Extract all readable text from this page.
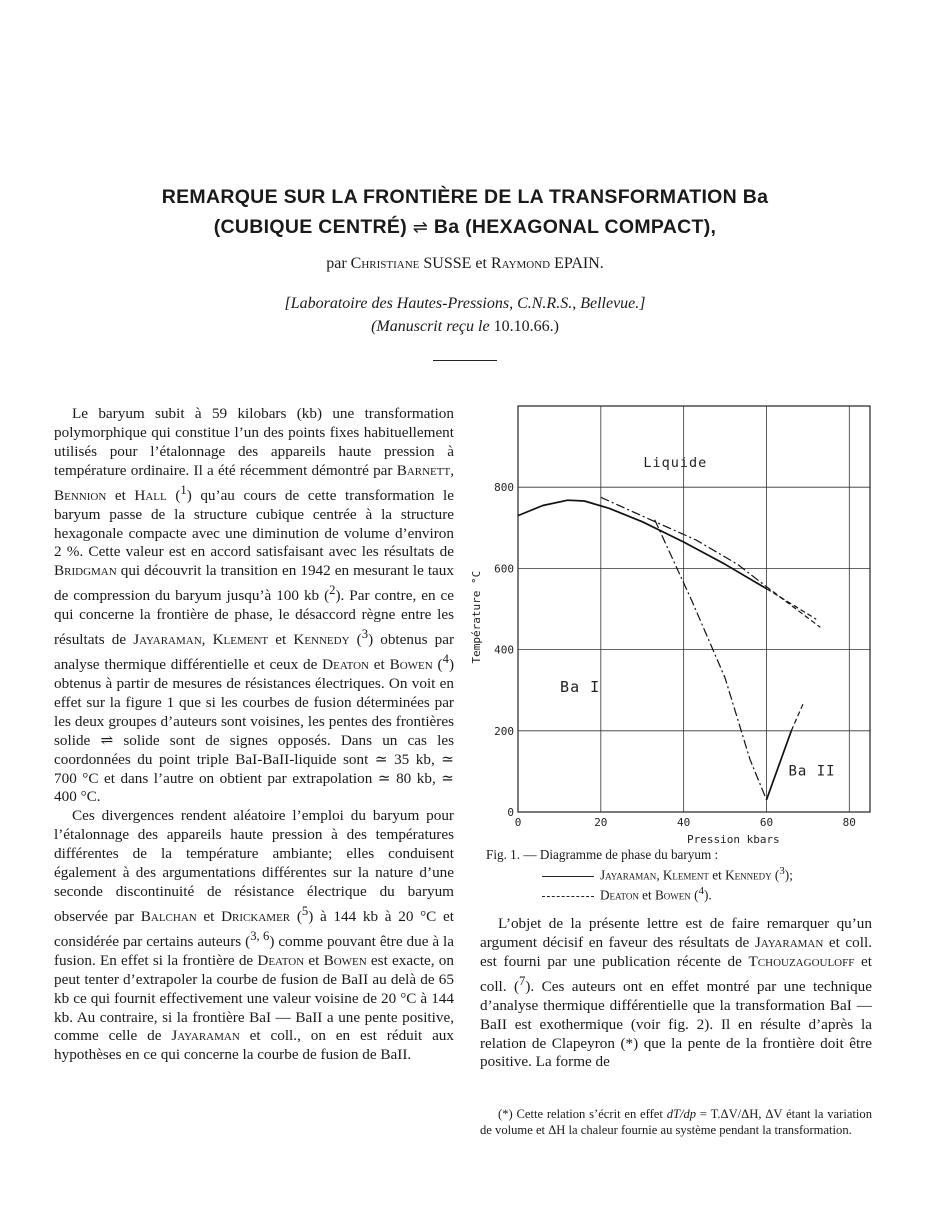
REMARQUE SUR LA FRONTIÈRE DE LA TRANSFORMATION Ba
(CUBIQUE CENTRÉ) ⇌ Ba (HEXAGONAL COMPACT),
par Christiane SUSSE et Raymond EPAIN.
[Laboratoire des Hautes-Pressions, C.N.R.S., Bellevue.]
(Manuscrit reçu le 10.10.66.)

Le baryum subit à 59 kilobars (kb) une transformation polymorphique qui constitue l’un des points fixes habituellement utilisés pour l’étalonnage des appareils haute pression à température ordinaire. Il a été récemment démontré par Barnett, Bennion et Hall ($^1$) qu’au cours de cette transformation le baryum passe de la structure cubique centrée à la structure hexagonale compacte avec une diminution de volume d’environ 2 %. Cette valeur est en accord satisfaisant avec les résultats de Bridgman qui découvrit la transition en 1942 en mesurant le taux de compression du baryum jusqu’à 100 kb ($^2$). Par contre, en ce qui concerne la frontière de phase, le désaccord règne entre les résultats de Jayaraman, Klement et Kennedy ($^3$) obtenus par analyse thermique différentielle et ceux de Deaton et Bowen ($^4$) obtenus à partir de mesures de résistances électriques. On voit en effet sur la figure 1 que si les courbes de fusion déterminées par les deux groupes d’auteurs sont voisines, les pentes des frontières solide ⇌ solide sont de signes opposés. Dans un cas les coordonnées du point triple BaI-BaII-liquide sont ≃ 35 kb, ≃ 700 °C et dans l’autre on obtient par extrapolation ≃ 80 kb, ≃ 400 °C.

Ces divergences rendent aléatoire l’emploi du baryum pour l’étalonnage des appareils haute pression à des températures différentes de la température ambiante; elles conduisent également à des argumentations différentes sur la nature d’une seconde discontinuité de résistance électrique du baryum observée par Balchan et Drickamer ($^5$) à 144 kb à 20 °C et considérée par certains auteurs ($^{3, 6}$) comme pouvant être due à la fusion. En effet si la frontière de Deaton et Bowen est exacte, on peut tenter d’extrapoler la courbe de fusion de BaII au delà de 65 kb ce qui fournit effectivement une valeur voisine de 20 °C à 144 kb. Au contraire, si la frontière BaI — BaII a une pente positive, comme celle de Jayaraman et coll., on en est réduit aux hypothèses en ce qui concerne la courbe de fusion de BaII.

0	20	40	60	80
0
200
400
600
800
Pression kbars
Température °C
Liquide
Ba I
Ba II
Fig. 1. — Diagramme de phase du baryum :
Jayaraman, Klement et Kennedy ($^3$);
Deaton et Bowen ($^4$).

L’objet de la présente lettre est de faire remarquer qu’un argument décisif en faveur des résultats de Jayaraman et coll. est fourni par une publication récente de Tchouzagouloff et coll. ($^7$). Ces auteurs ont en effet montré par une technique d’analyse thermique différentielle que la transformation BaI — BaII est exothermique (voir fig. 2). Il en résulte d’après la relation de Clapeyron (*) que la pente de la frontière doit être positive. La forme de

(*) Cette relation s’écrit en effet dT/dp = T.ΔV/ΔH, ΔV étant la variation de volume et ΔH la chaleur fournie au système pendant la transformation.
